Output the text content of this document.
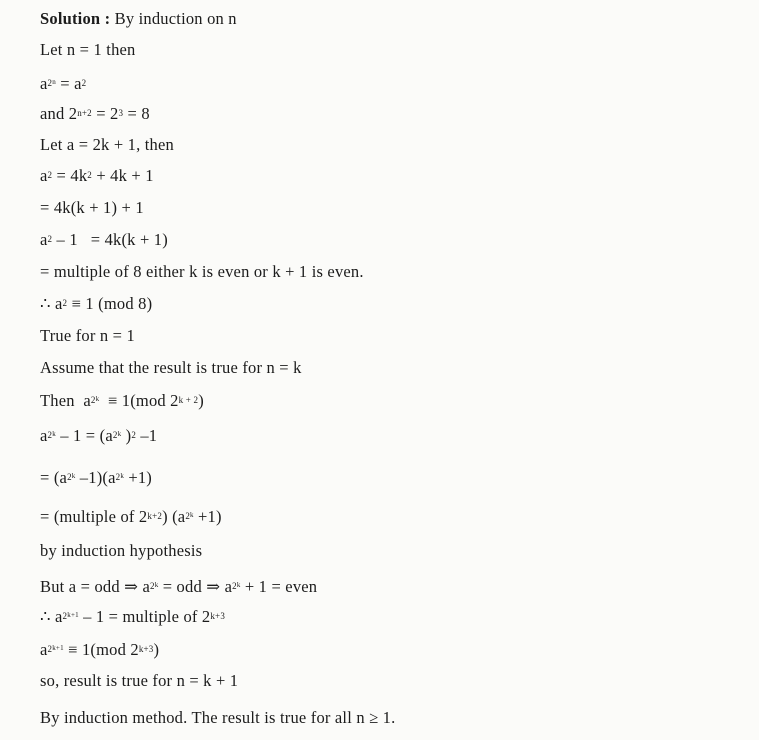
Solution : By induction on n
Let n = 1 then
$a^{2^n} = a^2$
and $2^{n+2} = 2^3 = 8$
Let a = 2k + 1, then
$a^2 = 4k^2 + 4k + 1$
= 4k(k + 1) + 1
$a^2 - 1 = 4k(k + 1)$
= multiple of 8 either k is even or k + 1 is even.
∴ $a^2 \equiv 1$ (mod 8)
True for n = 1
Assume that the result is true for n = k
Then  $a^{2^k} \equiv 1(mod$ $2^{k + 2}$)
$a^{2^k} - 1 = (a^{2^k}$ )$^2$ –1
= ($a^{2^k}$ $-1)(a^{2^k} +1)$
= (multiple of $2^{k+2}$) $(a^{2^k} +1)$
by induction hypothesis
But a = odd ⇒ $a^{2^k}$ = odd ⇒ $a^{2^k} + 1$ = even
∴ $a^{2^{k+1}} - 1$ = multiple of $2^{k+3}$
$a^{2^{k+1}} \equiv 1(mod$ $2^{k+3}$)
so, result is true for n = k + 1
By induction method. The result is true for all n ≥ 1.
